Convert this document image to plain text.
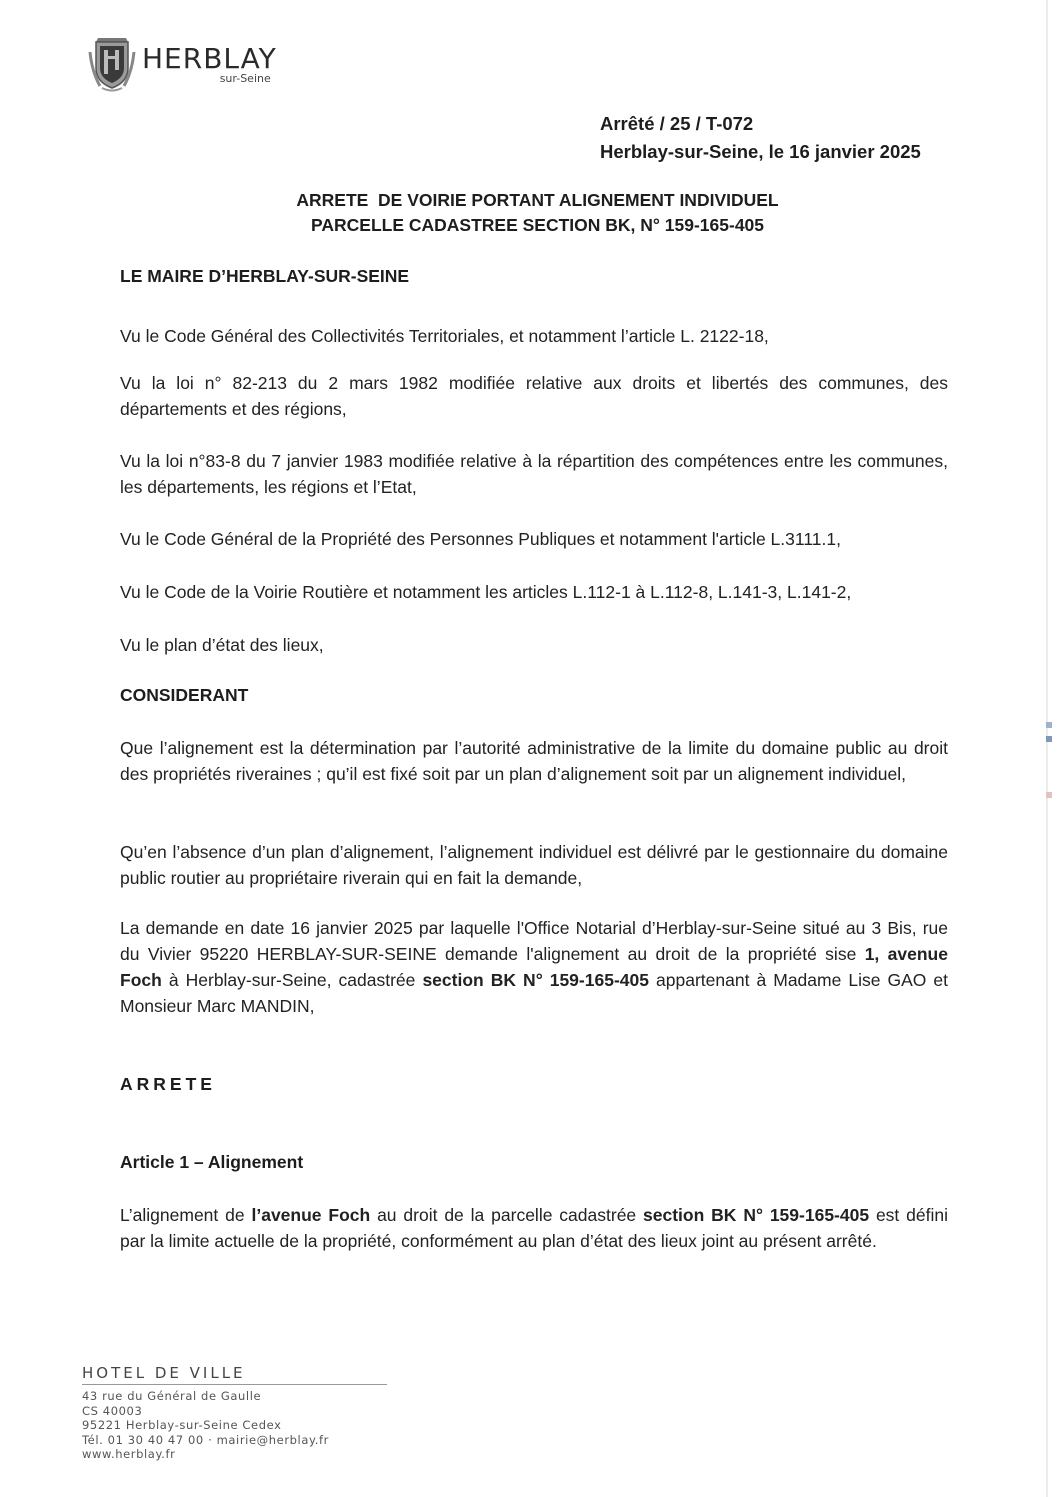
HERBLAY
sur-Seine
Arrêté / 25 / T-072
Herblay-sur-Seine, le 16 janvier 2025
ARRETE  DE VOIRIE PORTANT ALIGNEMENT INDIVIDUEL
PARCELLE CADASTREE SECTION BK, N° 159-165-405
LE MAIRE D’HERBLAY-SUR-SEINE
Vu le Code Général des Collectivités Territoriales, et notamment l’article L. 2122-18,
Vu la loi n° 82-213 du 2 mars 1982 modifiée relative aux droits et libertés des communes, des départements et des régions,
Vu la loi n°83-8 du 7 janvier 1983 modifiée relative à la répartition des compétences entre les communes, les départements, les régions et l’Etat,
Vu le Code Général de la Propriété des Personnes Publiques et notamment l'article L.3111.1,
Vu le Code de la Voirie Routière et notamment les articles L.112-1 à L.112-8, L.141-3, L.141-2,
Vu le plan d’état des lieux,
CONSIDERANT
Que l’alignement est la détermination par l’autorité administrative de la limite du domaine public au droit des propriétés riveraines ; qu’il est fixé soit par un plan d’alignement soit par un alignement individuel,
Qu’en l’absence d’un plan d’alignement, l’alignement individuel est délivré par le gestionnaire du domaine public routier au propriétaire riverain qui en fait la demande,
La demande en date 16 janvier 2025 par laquelle l'Office Notarial d’Herblay-sur-Seine situé au 3 Bis, rue du Vivier 95220 HERBLAY-SUR-SEINE demande l'alignement au droit de la propriété sise 1, avenue Foch à Herblay-sur-Seine, cadastrée section BK N° 159-165-405 appartenant à Madame Lise GAO et Monsieur Marc MANDIN,
ARRETE
Article 1 – Alignement
L’alignement de l’avenue Foch au droit de la parcelle cadastrée section BK N° 159-165-405 est défini par la limite actuelle de la propriété, conformément au plan d’état des lieux joint au présent arrêté.
HOTEL DE VILLE
43 rue du Général de Gaulle
CS 40003
95221 Herblay-sur-Seine Cedex
Tél. 01 30 40 47 00 · mairie@herblay.fr
www.herblay.fr
